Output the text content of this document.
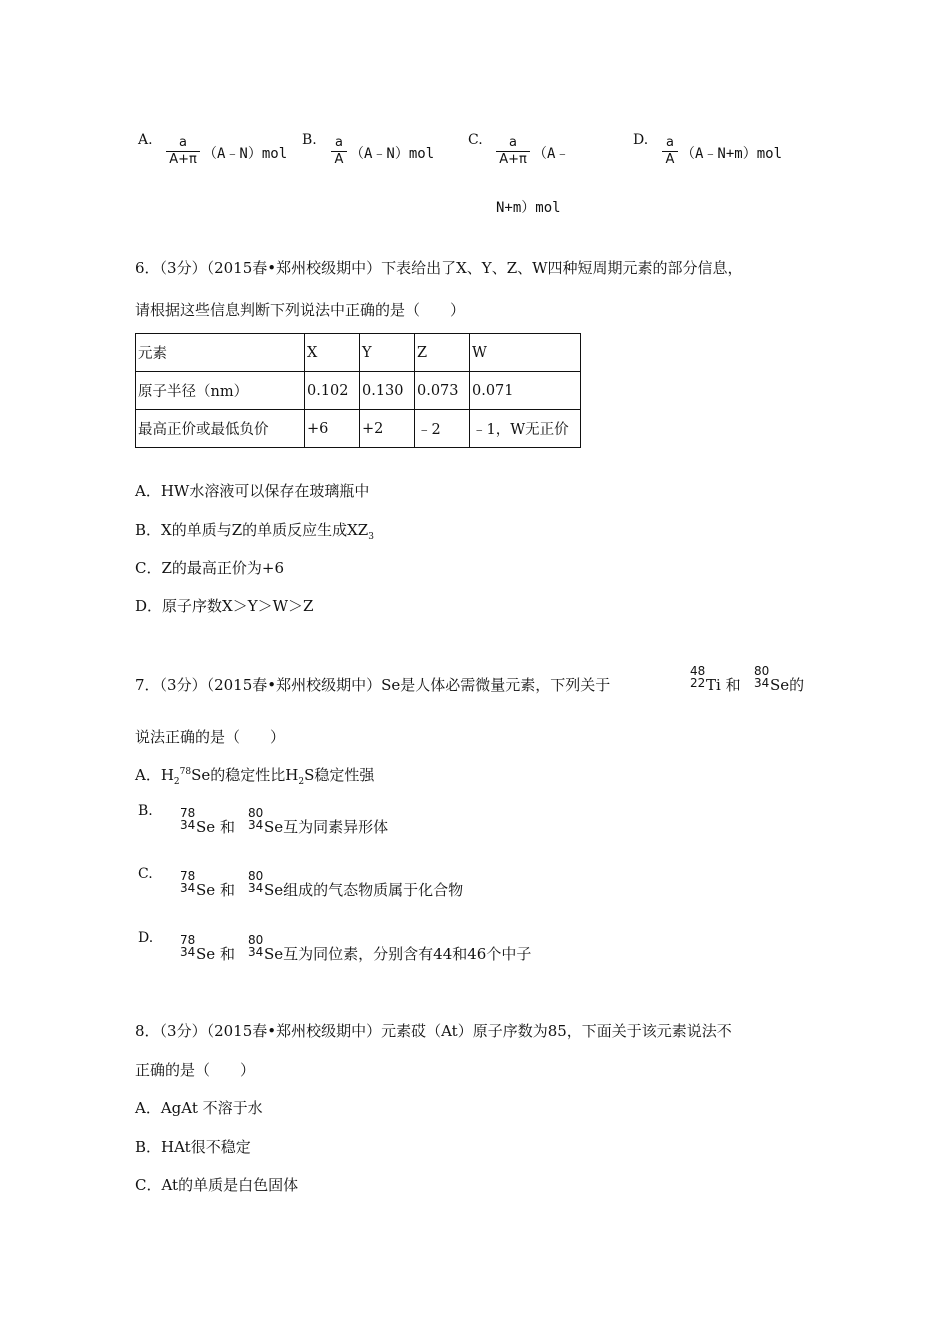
A.	a
A+π （A﹣N）mol
B.	a
A （A﹣N）mol
C.	a
A+π （A﹣
N+m）mol
D.	a
A （A﹣N+m）mol
6．（3分）（2015春•郑州校级期中）下表给出了X、Y、Z、W四种短周期元素的部分信息，
请根据这些信息判断下列说法中正确的是（　　）
元素	X	Y	Z	W
原子半径（nm）	0.102	0.130	0.073	0.071
最高正价或最低负价	+6	+2	﹣2	﹣1，W无正价
A．HW水溶液可以保存在玻璃瓶中
B．X的单质与Z的单质反应生成$XZ_3$
C．Z的最高正价为+6
D．原子序数X＞Y＞W＞Z
7．（3分）（2015春•郑州校级期中）Se是人体必需微量元素，下列关于
48
22 Ti 和
80
34 Se的
说法正确的是（　　）
A．$H_2^{78}Se$的稳定性比$H_2S$稳定性强
B. 78
34 Se 和
80
34 Se互为同素异形体
C. 78
34 Se 和
80
34 Se组成的气态物质属于化合物
D. 78
34 Se 和
80
34 Se互为同位素，分别含有44和46个中子
8．（3分）（2015春•郑州校级期中）元素砹（At）原子序数为85，下面关于该元素说法不
正确的是（　　）
A．AgAt 不溶于水
B．HAt很不稳定
C．At的单质是白色固体
